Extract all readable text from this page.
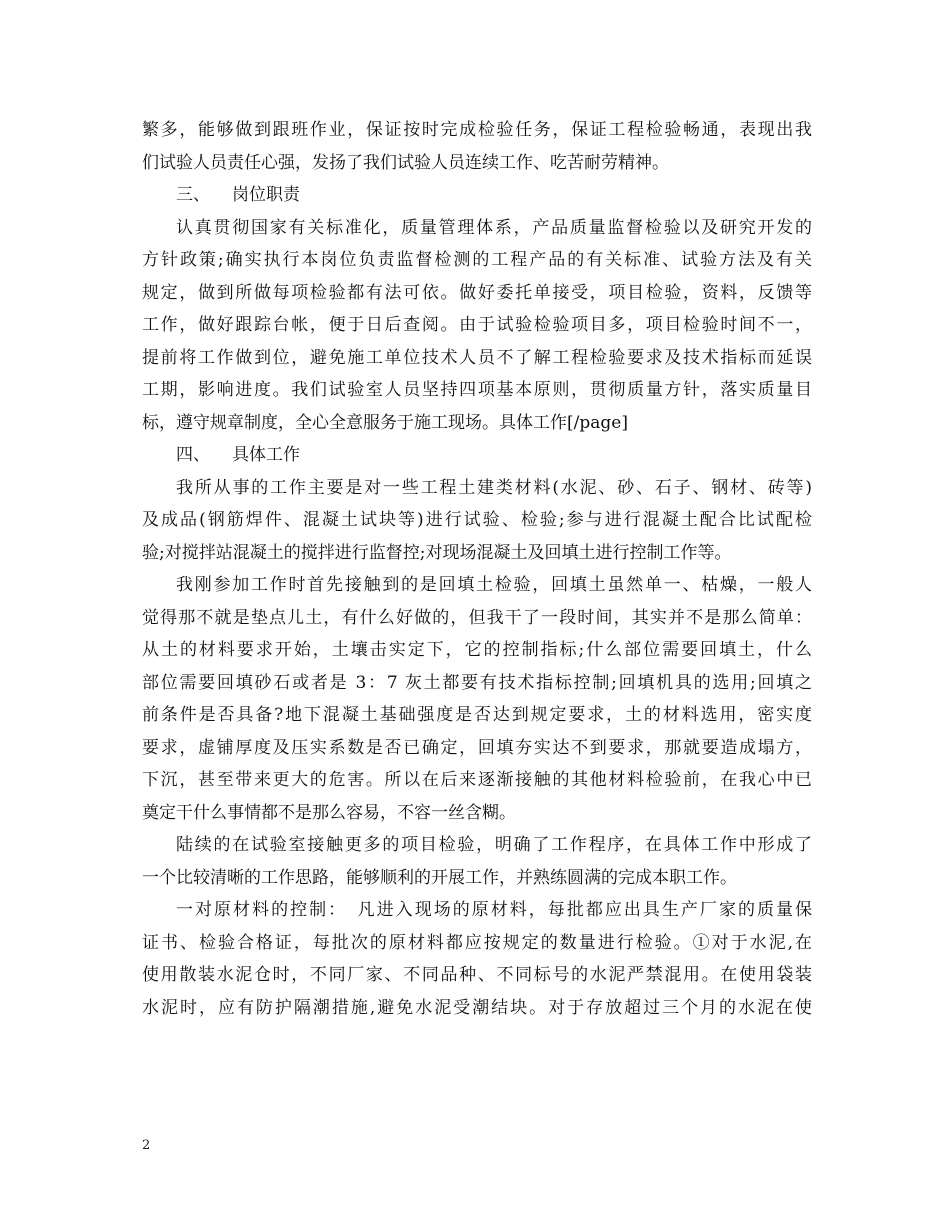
繁多，能够做到跟班作业，保证按时完成检验任务，保证工程检验畅通，表现出我
们试验人员责任心强，发扬了我们试验人员连续工作、吃苦耐劳精神。
三、 岗位职责
认真贯彻国家有关标准化，质量管理体系，产品质量监督检验以及研究开发的
方针政策;确实执行本岗位负责监督检测的工程产品的有关标准、试验方法及有关
规定，做到所做每项检验都有法可依。做好委托单接受，项目检验，资料，反馈等
工作，做好跟踪台帐，便于日后查阅。由于试验检验项目多，项目检验时间不一，
提前将工作做到位，避免施工单位技术人员不了解工程检验要求及技术指标而延误
工期，影响进度。我们试验室人员坚持四项基本原则，贯彻质量方针，落实质量目
标，遵守规章制度，全心全意服务于施工现场。具体工作[/page]
四、 具体工作
我所从事的工作主要是对一些工程土建类材料(水泥、砂、石子、钢材、砖等)
及成品(钢筋焊件、混凝土试块等)进行试验、检验;参与进行混凝土配合比试配检
验;对搅拌站混凝土的搅拌进行监督控;对现场混凝土及回填土进行控制工作等。
我刚参加工作时首先接触到的是回填土检验，回填土虽然单一、枯燥，一般人
觉得那不就是垫点儿土，有什么好做的，但我干了一段时间，其实并不是那么简单：
从土的材料要求开始，土壤击实定下，它的控制指标;什么部位需要回填土，什么
部位需要回填砂石或者是 3：7 灰土都要有技术指标控制;回填机具的选用;回填之
前条件是否具备?地下混凝土基础强度是否达到规定要求，土的材料选用，密实度
要求，虚铺厚度及压实系数是否已确定，回填夯实达不到要求，那就要造成塌方，
下沉，甚至带来更大的危害。所以在后来逐渐接触的其他材料检验前，在我心中已
奠定干什么事情都不是那么容易，不容一丝含糊。
陆续的在试验室接触更多的项目检验，明确了工作程序，在具体工作中形成了
一个比较清晰的工作思路，能够顺利的开展工作，并熟练圆满的完成本职工作。
一对原材料的控制：　凡进入现场的原材料，每批都应出具生产厂家的质量保
证书、检验合格证，每批次的原材料都应按规定的数量进行检验。①对于水泥,在
使用散装水泥仓时，不同厂家、不同品种、不同标号的水泥严禁混用。在使用袋装
水泥时，应有防护隔潮措施,避免水泥受潮结块。对于存放超过三个月的水泥在使
2
